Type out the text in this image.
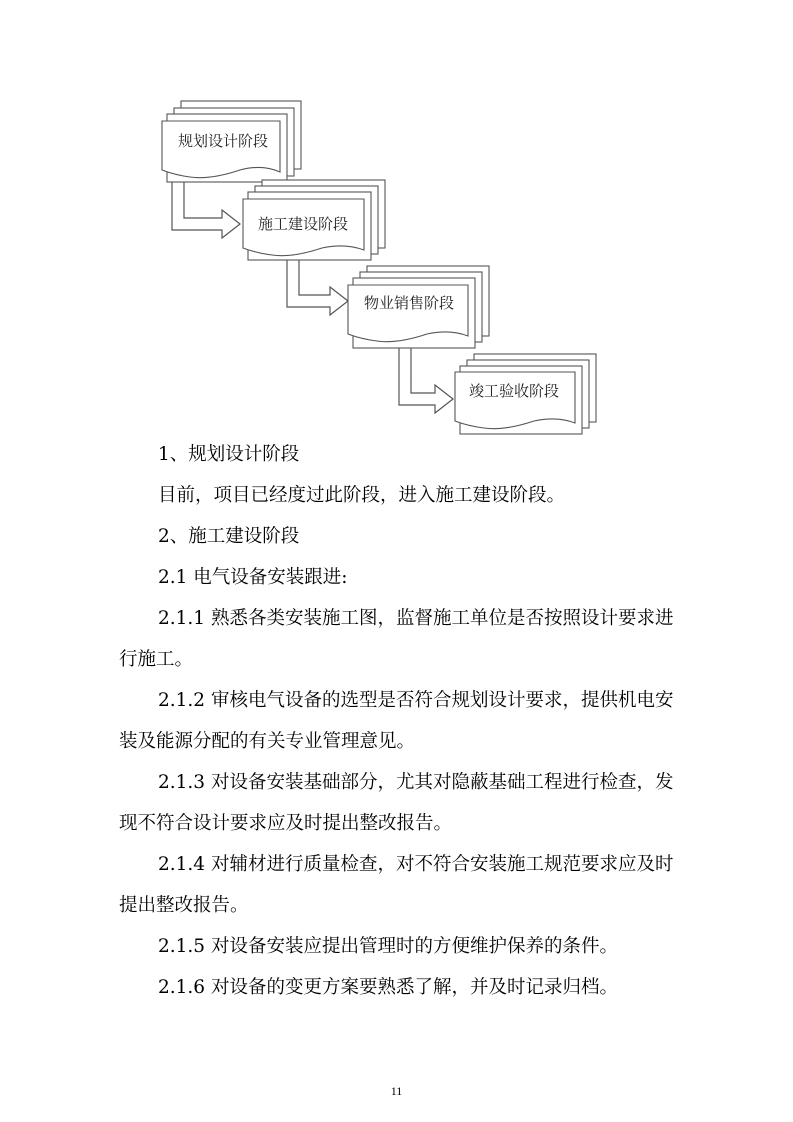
规划设计阶段
施工建设阶段
物业销售阶段
竣工验收阶段

1、规划设计阶段

目前，项目已经度过此阶段，进入施工建设阶段。

2、施工建设阶段

2.1 电气设备安装跟进:

2.1.1 熟悉各类安装施工图，监督施工单位是否按照设计要求进

行施工。

2.1.2 审核电气设备的选型是否符合规划设计要求，提供机电安

装及能源分配的有关专业管理意见。

2.1.3 对设备安装基础部分，尤其对隐蔽基础工程进行检查，发

现不符合设计要求应及时提出整改报告。

2.1.4 对辅材进行质量检查，对不符合安装施工规范要求应及时

提出整改报告。

2.1.5 对设备安装应提出管理时的方便维护保养的条件。

2.1.6 对设备的变更方案要熟悉了解，并及时记录归档。

11
